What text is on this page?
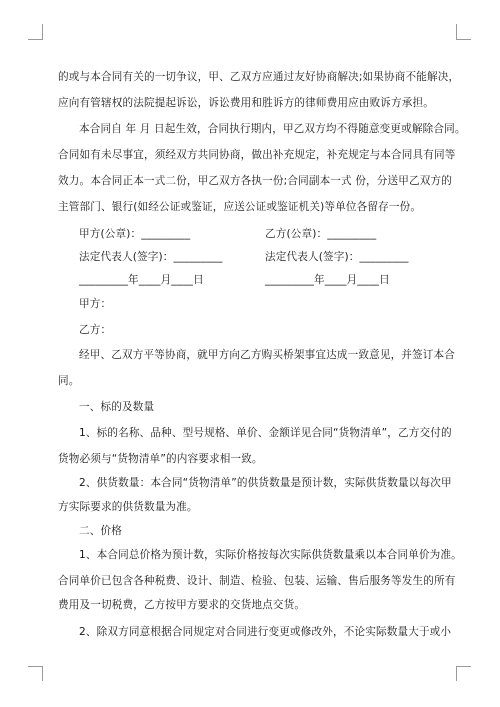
的或与本合同有关的一切争议，甲、乙双方应通过友好协商解决;如果协商不能解决，
应向有管辖权的法院提起诉讼，诉讼费用和胜诉方的律师费用应由败诉方承担。
本合同自 年 月 日起生效，合同执行期内，甲乙双方均不得随意变更或解除合同。
合同如有未尽事宜，须经双方共同协商，做出补充规定，补充规定与本合同具有同等
效力。本合同正本一式二份，甲乙双方各执一份;合同副本一式 份，分送甲乙双方的
主管部门、银行(如经公证或鉴证，应送公证或鉴证机关)等单位各留存一份。
甲方(公章)：_________	乙方(公章)：_________
法定代表人(签字)：_________	法定代表人(签字)：_________
_________年____月____日	_________年____月____日
甲方：
乙方：
经甲、乙双方平等协商，就甲方向乙方购买桥架事宜达成一致意见，并签订本合
同。
一、标的及数量
1、标的名称、品种、型号规格、单价、金额详见合同“货物清单”，乙方交付的
货物必须与“货物清单”的内容要求相一致。
2、供货数量：本合同“货物清单”的供货数量是预计数，实际供货数量以每次甲
方实际要求的供货数量为准。
二、价格
1、本合同总价格为预计数，实际价格按每次实际供货数量乘以本合同单价为准。
合同单价已包含各种税费、设计、制造、检验、包装、运输、售后服务等发生的所有
费用及一切税费，乙方按甲方要求的交货地点交货。
2、除双方同意根据合同规定对合同进行变更或修改外，不论实际数量大于或小
